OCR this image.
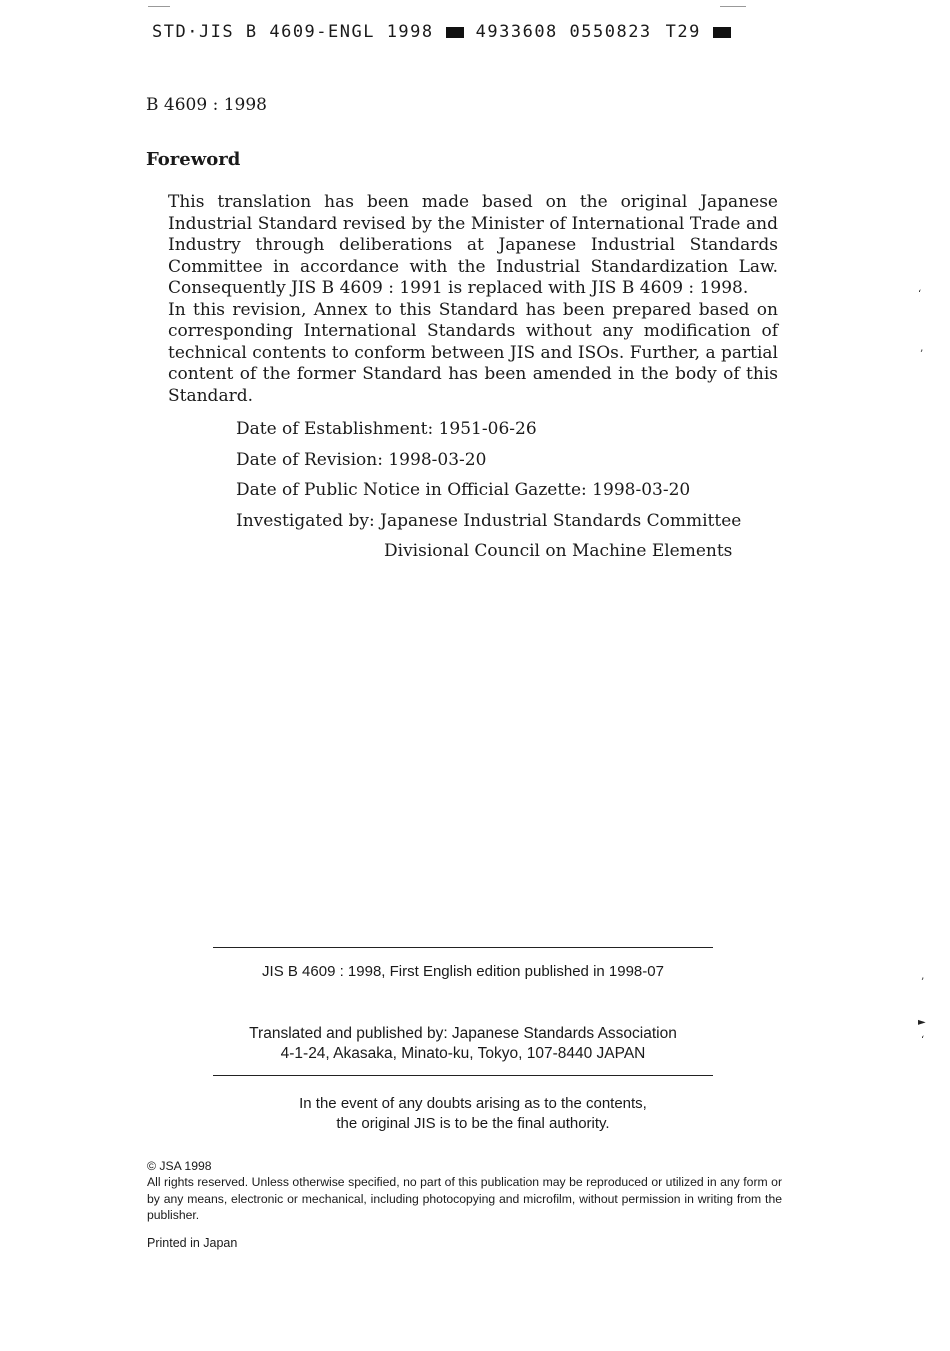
STD·JIS B 4609-ENGL 1998 4933608 0550823 T29
B 4609 : 1998
Foreword

This translation has been made based on the original Japanese Industrial Standard revised by the Minister of International Trade and Industry through deliberations at Japanese Industrial Standards Committee in accordance with the Industrial Standardization Law. Consequently JIS B 4609 : 1991 is replaced with JIS B 4609 : 1998.

In this revision, Annex to this Standard has been prepared based on corresponding International Standards without any modification of technical contents to conform between JIS and ISOs. Further, a partial content of the former Standard has been amended in the body of this Standard.

Date of Establishment: 1951-06-26
Date of Revision: 1998-03-20
Date of Public Notice in Official Gazette: 1998-03-20
Investigated by: Japanese Industrial Standards Committee
Divisional Council on Machine Elements
JIS B 4609 : 1998, First English edition published in 1998-07
Translated and published by: Japanese Standards Association
4-1-24, Akasaka, Minato-ku, Tokyo, 107-8440 JAPAN
In the event of any doubts arising as to the contents,
the original JIS is to be the final authority.
© JSA 1998
All rights reserved. Unless otherwise specified, no part of this publication may be reproduced or utilized in any form or by any means, electronic or mechanical, including photocopying and microfilm, without permission in writing from the publisher.
Printed in Japan
‘
’
’
►
‘
